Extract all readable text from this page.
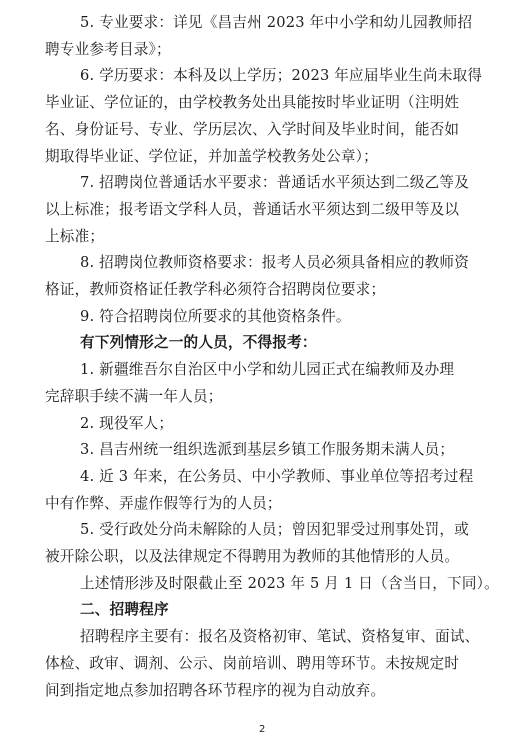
5. 专业要求：详见《昌吉州 2023 年中小学和幼儿园教师招
聘专业参考目录》；
6. 学历要求：本科及以上学历；2023 年应届毕业生尚未取得
毕业证、学位证的，由学校教务处出具能按时毕业证明（注明姓
名、身份证号、专业、学历层次、入学时间及毕业时间，能否如
期取得毕业证、学位证，并加盖学校教务处公章）；
7. 招聘岗位普通话水平要求：普通话水平须达到二级乙等及
以上标准；报考语文学科人员，普通话水平须达到二级甲等及以
上标准；
8. 招聘岗位教师资格要求：报考人员必须具备相应的教师资
格证，教师资格证任教学科必须符合招聘岗位要求；
9. 符合招聘岗位所要求的其他资格条件。
有下列情形之一的人员，不得报考：
1. 新疆维吾尔自治区中小学和幼儿园正式在编教师及办理
完辞职手续不满一年人员；
2. 现役军人；
3. 昌吉州统一组织选派到基层乡镇工作服务期未满人员；
4. 近 3 年来，在公务员、中小学教师、事业单位等招考过程
中有作弊、弄虚作假等行为的人员；
5. 受行政处分尚未解除的人员；曾因犯罪受过刑事处罚，或
被开除公职，以及法律规定不得聘用为教师的其他情形的人员。
上述情形涉及时限截止至 2023 年 5 月 1 日（含当日，下同）。
二、招聘程序
招聘程序主要有：报名及资格初审、笔试、资格复审、面试、
体检、政审、调剂、公示、岗前培训、聘用等环节。未按规定时
间到指定地点参加招聘各环节程序的视为自动放弃。
2
